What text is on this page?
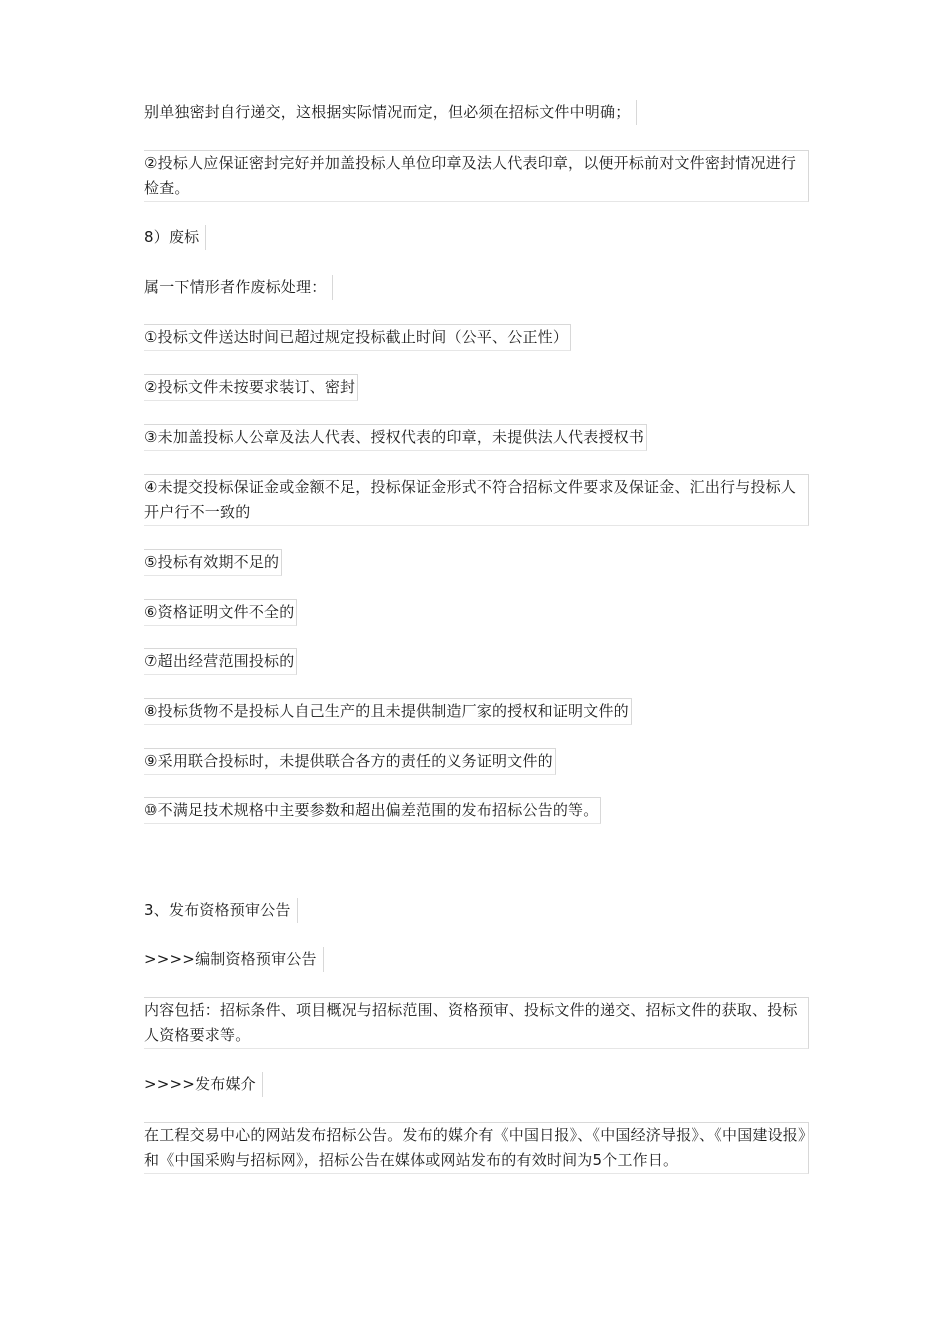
别单独密封自行递交，这根据实际情况而定，但必须在招标文件中明确；
②投标人应保证密封完好并加盖投标人单位印章及法人代表印章，以便开标前对文件密封情况进行检查。
8）废标
属一下情形者作废标处理：
①投标文件送达时间已超过规定投标截止时间（公平、公正性）
②投标文件未按要求装订、密封
③未加盖投标人公章及法人代表、授权代表的印章，未提供法人代表授权书
④未提交投标保证金或金额不足，投标保证金形式不符合招标文件要求及保证金、汇出行与投标人开户行不一致的
⑤投标有效期不足的
⑥资格证明文件不全的
⑦超出经营范围投标的
⑧投标货物不是投标人自己生产的且未提供制造厂家的授权和证明文件的
⑨采用联合投标时，未提供联合各方的责任的义务证明文件的
⑩不满足技术规格中主要参数和超出偏差范围的发布招标公告的等。
3、发布资格预审公告
>>>>编制资格预审公告
内容包括：招标条件、项目概况与招标范围、资格预审、投标文件的递交、招标文件的获取、投标人资格要求等。
>>>>发布媒介
在工程交易中心的网站发布招标公告。发布的媒介有《中国日报》、《中国经济导报》、《中国建设报》和《中国采购与招标网》，招标公告在媒体或网站发布的有效时间为5个工作日。
